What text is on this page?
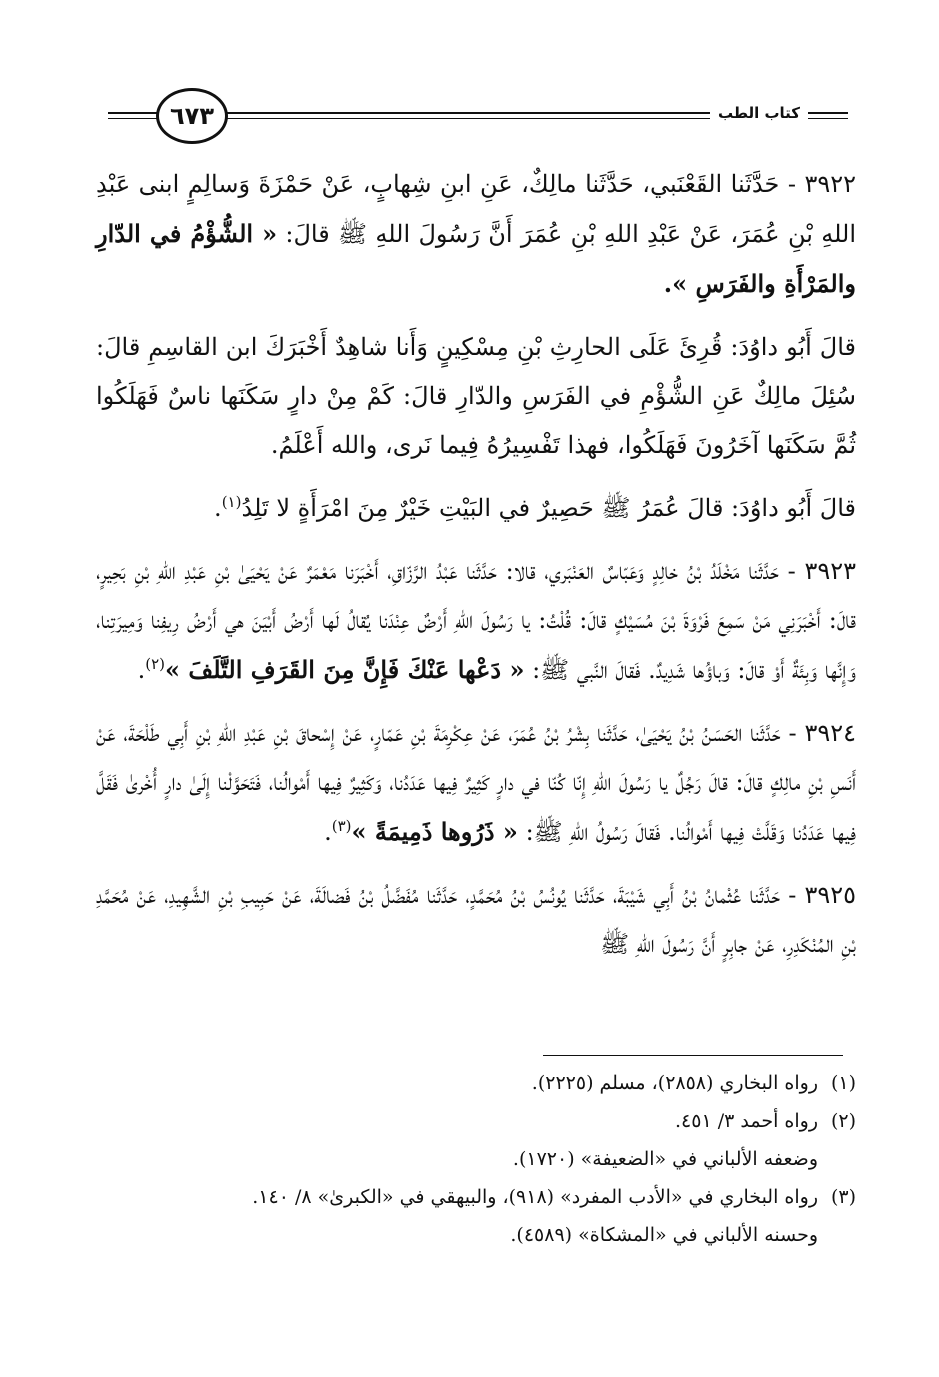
كتاب الطب
٦٧٣

٣٩٢٢ - حَدَّثَنا القَعْنَبي، حَدَّثَنا مالِكٌ، عَنِ ابنِ شِهابٍ، عَنْ حَمْزَةَ وَسالِمٍ ابنى عَبْدِ اللهِ بْنِ عُمَرَ، عَنْ عَبْدِ اللهِ بْنِ عُمَرَ أَنَّ رَسُولَ اللهِ ﷺ قالَ: « الشُّؤْمُ في الدّارِ والمَرْأَةِ والفَرَسِ ».

قالَ أَبُو داوُدَ: قُرِئَ عَلَى الحارِثِ بْنِ مِسْكِينٍ وَأَنا شاهِدٌ أَخْبَرَكَ ابن القاسِمِ قالَ: سُئِلَ مالِكٌ عَنِ الشُّؤْمِ في الفَرَسِ والدّارِ قالَ: كَمْ مِنْ دارٍ سَكَنَها ناسٌ فَهَلَكُوا ثُمَّ سَكَنَها آخَرُونَ فَهَلَكُوا، فهذا تَفْسِيرُهُ فِيما نَرى، والله أَعْلَمُ.

قالَ أَبُو داوُدَ: قالَ عُمَرُ ﷺ حَصِيرٌ في البَيْتِ خَيْرٌ مِنَ امْرَأَةٍ لا تَلِدُ$^{(١)}$.

٣٩٢٣ - حَدَّثَنا مَخْلَدُ بْنُ خالِدٍ وَعَبّاسٌ العَنْبَري، قالا: حَدَّثَنا عَبْدُ الرَّزّاقِ، أَخْبَرَنا مَعْمَرٌ عَنْ يَحْيَىٰ بْنِ عَبْدِ اللهِ بْنِ بَحِيرٍ، قالَ: أَخْبَرَنِي مَنْ سَمِعَ فَرْوَةَ بْنَ مُسَيْكٍ قالَ: قُلْتُ: يا رَسُولَ اللهِ أَرْضٌ عِنْدَنا يُقالُ لَها أَرْضُ أَبْيَنَ هي أَرْضُ رِيفِنا وَمِيرَتِنا، وَإِنَّها وَبِئَةٌ أَوْ قالَ: وَباؤُها شَدِيدٌ. فَقالَ النَّبي ﷺ: « دَعْها عَنْكَ فَإِنَّ مِنَ القَرَفِ التَّلَفَ »$^{(٢)}$.

٣٩٢٤ - حَدَّثَنا الحَسَنُ بْنُ يَحْيَىٰ، حَدَّثَنا بِشْرُ بْنُ عُمَرَ، عَنْ عِكْرِمَةَ بْنِ عَمّارٍ، عَنْ إِسْحاقَ بْنِ عَبْدِ اللهِ بْنِ أَبِي طَلْحَةَ، عَنْ أَنَسِ بْنِ مالِكٍ قالَ: قالَ رَجُلٌ يا رَسُولَ اللهِ إِنّا كُنّا في دارٍ كَثِيرٌ فِيها عَدَدُنا، وَكَثِيرٌ فِيها أَمْوالُنا، فَتَحَوَّلْنا إِلَىٰ دارٍ أُخْرىٰ فَقَلَّ فِيها عَدَدُنا وَقَلَّتْ فِيها أَمْوالُنا. فَقالَ رَسُولُ اللهِ ﷺ: « ذَرُوها ذَمِيمَةً »$^{(٣)}$.

٣٩٢٥ - حَدَّثَنا عُثْمانُ بْنُ أَبِي شَيْبَةَ، حَدَّثَنا يُونُسُ بْنُ مُحَمَّدٍ، حَدَّثَنا مُفَضَّلُ بْنُ فَضالَةَ، عَنْ حَبِيبِ بْنِ الشَّهِيدِ، عَنْ مُحَمَّدِ بْنِ المُنْكَدِرِ، عَنْ جابِرٍ أَنَّ رَسُولَ اللهِ ﷺ

(١)رواه البخاري (٢٨٥٨)، مسلم (٢٢٢٥).

(٢)رواه أحمد ٣/ ٤٥١.

وضعفه الألباني في «الضعيفة» (١٧٢٠).

(٣)رواه البخاري في «الأدب المفرد» (٩١٨)، والبيهقي في «الكبرىٰ» ٨/ ١٤٠.

وحسنه الألباني في «المشكاة» (٤٥٨٩).
